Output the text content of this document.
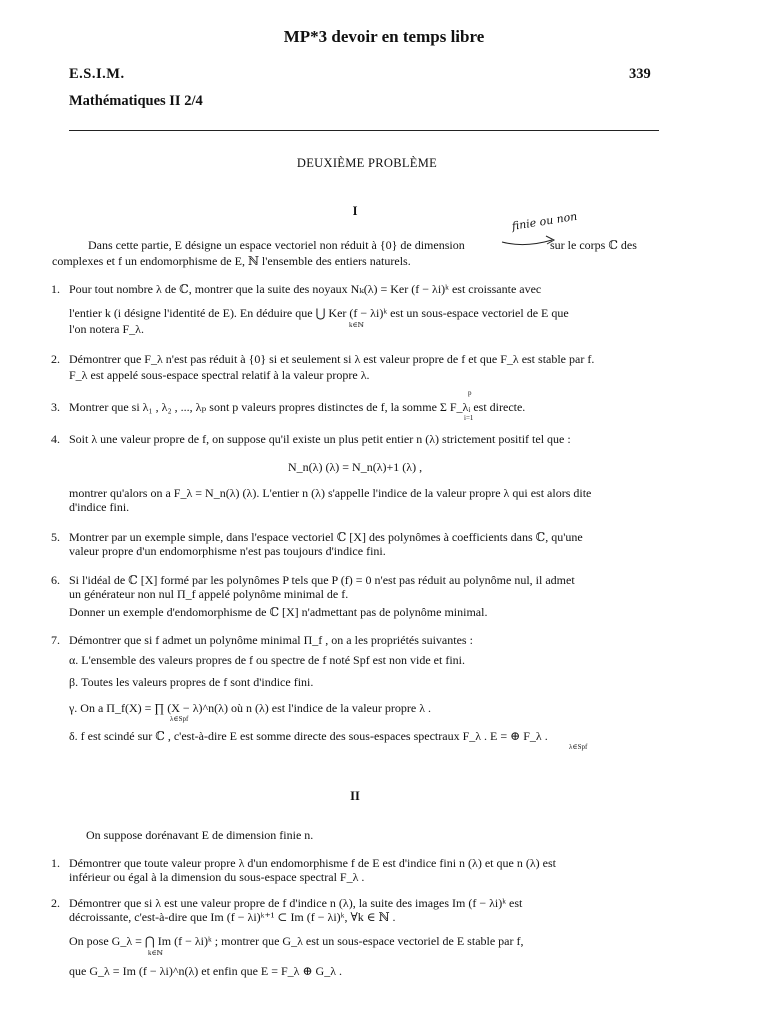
MP*3 devoir en temps libre
E.S.I.M.	339
Mathématiques II 2/4
DEUXIÈME PROBLÈME
I	finie ou non
Dans cette partie, E désigne un espace vectoriel non réduit à {0} de dimension	sur le corps ℂ des
complexes et f un endomorphisme de E, ℕ l'ensemble des entiers naturels.
1. Pour tout nombre λ de ℂ, montrer que la suite des noyaux Nₖ(λ) = Ker (f − λi)ᵏ est croissante avec
l'entier k (i désigne l'identité de E). En déduire que ⋃ Ker (f − λi)ᵏ est un sous-espace vectoriel de E que
k∈ℕ
l'on notera F_λ.
2. Démontrer que F_λ n'est pas réduit à {0} si et seulement si λ est valeur propre de f et que F_λ est stable par f.
F_λ est appelé sous-espace spectral relatif à la valeur propre λ.
3. Montrer que si λ₁ , λ₂ , ..., λₚ sont p valeurs propres distinctes de f, la somme Σ F_λᵢ est directe.
p
i=1
4. Soit λ une valeur propre de f, on suppose qu'il existe un plus petit entier n (λ) strictement positif tel que :
N_n(λ) (λ) = N_n(λ)+1 (λ) ,
montrer qu'alors on a F_λ = N_n(λ) (λ). L'entier n (λ) s'appelle l'indice de la valeur propre λ qui est alors dite
d'indice fini.
5. Montrer par un exemple simple, dans l'espace vectoriel ℂ [X] des polynômes à coefficients dans ℂ, qu'une
valeur propre d'un endomorphisme n'est pas toujours d'indice fini.
6. Si l'idéal de ℂ [X] formé par les polynômes P tels que P (f) = 0 n'est pas réduit au polynôme nul, il admet
un générateur non nul Π_f appelé polynôme minimal de f.
Donner un exemple d'endomorphisme de ℂ [X] n'admettant pas de polynôme minimal.
7. Démontrer que si f admet un polynôme minimal Π_f , on a les propriétés suivantes :
α. L'ensemble des valeurs propres de f ou spectre de f noté Spf est non vide et fini.
β. Toutes les valeurs propres de f sont d'indice fini.
γ. On a Π_f(X) = ∏ (X − λ)^n(λ) où n (λ) est l'indice de la valeur propre λ .
λ∈Spf
δ. f est scindé sur ℂ , c'est-à-dire E est somme directe des sous-espaces spectraux F_λ . E = ⊕ F_λ .
λ∈Spf
II
On suppose dorénavant E de dimension finie n.
1. Démontrer que toute valeur propre λ d'un endomorphisme f de E est d'indice fini n (λ) et que n (λ) est
inférieur ou égal à la dimension du sous-espace spectral F_λ .
2. Démontrer que si λ est une valeur propre de f d'indice n (λ), la suite des images Im (f − λi)ᵏ est
décroissante, c'est-à-dire que Im (f − λi)ᵏ⁺¹ ⊂ Im (f − λi)ᵏ, ∀k ∈ ℕ .
On pose G_λ = ⋂ Im (f − λi)ᵏ ; montrer que G_λ est un sous-espace vectoriel de E stable par f,
k∈ℕ
que G_λ = Im (f − λi)^n(λ) et enfin que E = F_λ ⊕ G_λ .
